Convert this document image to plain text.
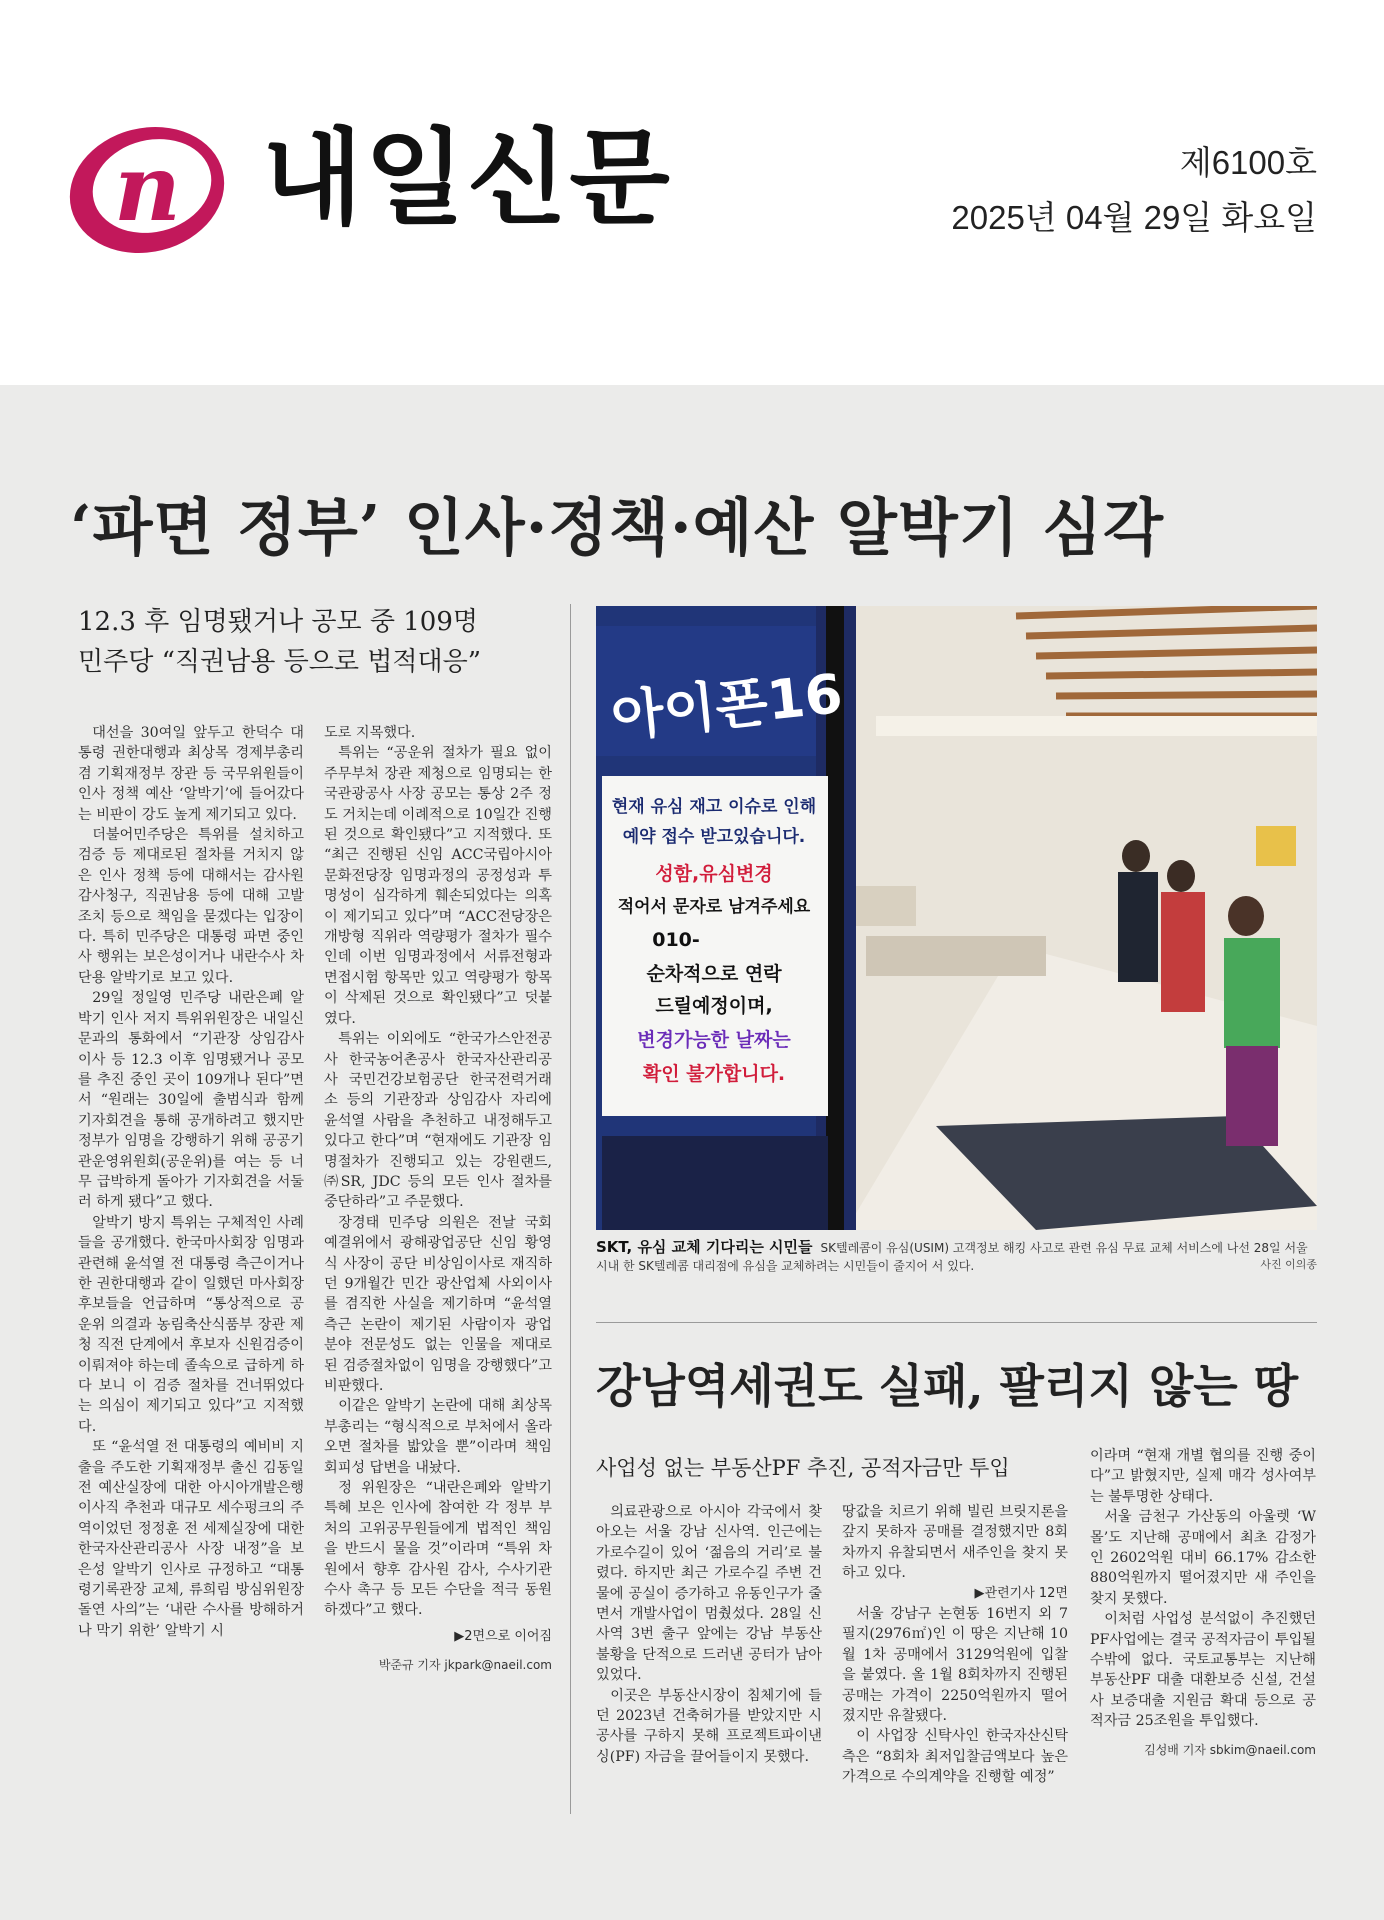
n 내일신문	제6100호
2025년 04월 29일 화요일
‘파면 정부’ 인사·정책·예산 알박기 심각
12.3 후 임명됐거나 공모 중 109명
민주당 “직권남용 등으로 법적대응”

대선을 30여일 앞두고 한덕수 대통령 권한대행과 최상목 경제부총리 겸 기획재정부 장관 등 국무위원들이 인사 정책 예산 ‘알박기’에 들어갔다는 비판이 강도 높게 제기되고 있다.

더불어민주당은 특위를 설치하고 검증 등 제대로된 절차를 거치지 않은 인사 정책 등에 대해서는 감사원 감사청구, 직권남용 등에 대해 고발조치 등으로 책임을 묻겠다는 입장이다. 특히 민주당은 대통령 파면 중인사 행위는 보은성이거나 내란수사 차단용 알박기로 보고 있다.

29일 정일영 민주당 내란은폐 알박기 인사 저지 특위위원장은 내일신문과의 통화에서 “기관장 상임감사 이사 등 12.3 이후 임명됐거나 공모를 추진 중인 곳이 109개나 된다”면서 “원래는 30일에 출범식과 함께 기자회견을 통해 공개하려고 했지만 정부가 임명을 강행하기 위해 공공기관운영위원회(공운위)를 여는 등 너무 급박하게 돌아가 기자회견을 서둘러 하게 됐다”고 했다.

알박기 방지 특위는 구체적인 사례들을 공개했다. 한국마사회장 임명과 관련해 윤석열 전 대통령 측근이거나 한 권한대행과 같이 일했던 마사회장 후보들을 언급하며 “통상적으로 공운위 의결과 농림축산식품부 장관 제청 직전 단계에서 후보자 신원검증이 이뤄져야 하는데 졸속으로 급하게 하다 보니 이 검증 절차를 건너뛰었다는 의심이 제기되고 있다”고 지적했다.

또 “윤석열 전 대통령의 예비비 지출을 주도한 기획재정부 출신 김동일 전 예산실장에 대한 아시아개발은행 이사직 추천과 대규모 세수펑크의 주역이었던 정정훈 전 세제실장에 대한 한국자산관리공사 사장 내정”을 보은성 알박기 인사로 규정하고 “대통령기록관장 교체, 류희림 방심위원장 돌연 사의”는 ‘내란 수사를 방해하거나 막기 위한’ 알박기 시

도로 지목했다.

특위는 “공운위 절차가 필요 없이 주무부처 장관 제청으로 임명되는 한국관광공사 사장 공모는 통상 2주 정도 거치는데 이례적으로 10일간 진행된 것으로 확인됐다”고 지적했다. 또 “최근 진행된 신임 ACC국립아시아문화전당장 임명과정의 공정성과 투명성이 심각하게 훼손되었다는 의혹이 제기되고 있다”며 “ACC전당장은 개방형 직위라 역량평가 절차가 필수인데 이번 임명과정에서 서류전형과 면접시험 항목만 있고 역량평가 항목이 삭제된 것으로 확인됐다”고 덧붙였다.

특위는 이외에도 “한국가스안전공사 한국농어촌공사 한국자산관리공사 국민건강보험공단 한국전력거래소 등의 기관장과 상임감사 자리에 윤석열 사람을 추천하고 내정해두고 있다고 한다”며 “현재에도 기관장 임명절차가 진행되고 있는 강원랜드, ㈜SR, JDC 등의 모든 인사 절차를 중단하라”고 주문했다.

장경태 민주당 의원은 전날 국회 예결위에서 광해광업공단 신임 황영식 사장이 공단 비상임이사로 재직하던 9개월간 민간 광산업체 사외이사를 겸직한 사실을 제기하며 “윤석열 측근 논란이 제기된 사람이자 광업 분야 전문성도 없는 인물을 제대로 된 검증절차없이 임명을 강행했다”고 비판했다.

이같은 알박기 논란에 대해 최상목 부총리는 “형식적으로 부처에서 올라오면 절차를 밟았을 뿐”이라며 책임회피성 답변을 내놨다.

정 위원장은 “내란은폐와 알박기 특혜 보은 인사에 참여한 각 정부 부처의 고위공무원들에게 법적인 책임을 반드시 물을 것”이라며 “특위 차원에서 향후 감사원 감사, 수사기관 수사 촉구 등 모든 수단을 적극 동원하겠다”고 했다.

▶2면으로 이어짐
박준규 기자 jkpark@naeil.com
아이폰16
현재 유심 재고 이슈로 인해
예약 접수 받고있습니다.
성함,유심변경
적어서 문자로 남겨주세요
010-
순차적으로 연락
드릴예정이며,
변경가능한 날짜는
확인 불가합니다.
SKT, 유심 교체 기다리는 시민들 SK텔레콤이 유심(USIM) 고객정보 해킹 사고로 관련 유심 무료 교체 서비스에 나선 28일 서울 시내 한 SK텔레콤 대리점에 유심을 교체하려는 시민들이 줄지어 서 있다.	사진 이의종
강남역세권도 실패, 팔리지 않는 땅
사업성 없는 부동산PF 추진, 공적자금만 투입

의료관광으로 아시아 각국에서 찾아오는 서울 강남 신사역. 인근에는 가로수길이 있어 ‘젊음의 거리’로 불렸다. 하지만 최근 가로수길 주변 건물에 공실이 증가하고 유동인구가 줄면서 개발사업이 멈췄섰다. 28일 신사역 3번 출구 앞에는 강남 부동산 불황을 단적으로 드러낸 공터가 남아있었다.

이곳은 부동산시장이 침체기에 들던 2023년 건축허가를 받았지만 시공사를 구하지 못해 프로젝트파이낸싱(PF) 자금을 끌어들이지 못했다.

땅값을 치르기 위해 빌린 브릿지론을 갚지 못하자 공매를 결정했지만 8회차까지 유찰되면서 새주인을 찾지 못하고 있다.

▶관련기사 12면

서울 강남구 논현동 16번지 외 7필지(2976㎡)인 이 땅은 지난해 10월 1차 공매에서 3129억원에 입찰을 붙였다. 올 1월 8회차까지 진행된 공매는 가격이 2250억원까지 떨어졌지만 유찰됐다.

이 사업장 신탁사인 한국자산신탁 측은 “8회차 최저입찰금액보다 높은 가격으로 수의계약을 진행할 예정”

이라며 “현재 개별 협의를 진행 중이다”고 밝혔지만, 실제 매각 성사여부는 불투명한 상태다.

서울 금천구 가산동의 아울렛 ‘W몰’도 지난해 공매에서 최초 감정가인 2602억원 대비 66.17% 감소한 880억원까지 떨어졌지만 새 주인을 찾지 못했다.

이처럼 사업성 분석없이 추진했던 PF사업에는 결국 공적자금이 투입될 수밖에 없다. 국토교통부는 지난해 부동산PF 대출 대환보증 신설, 건설사 보증대출 지원금 확대 등으로 공적자금 25조원을 투입했다.

김성배 기자 sbkim@naeil.com
